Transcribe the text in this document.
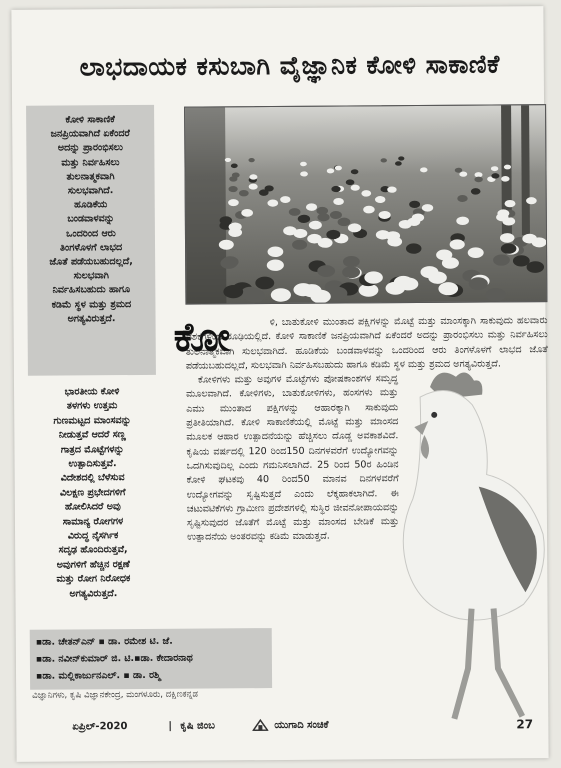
ಲಾಭದಾಯಕ ಕಸುಬಾಗಿ ವೈಜ್ಞಾನಿಕ ಕೋಳಿ ಸಾಕಾಣಿಕೆ
ಕೋಳಿ ಸಾಕಾಣಿಕೆ
ಜನಪ್ರಿಯವಾಗಿದೆ ಏಕೆಂದರೆ
ಅದನ್ನು ಪ್ರಾರಂಭಿಸಲು
ಮತ್ತು ನಿರ್ವಹಿಸಲು
ತುಲನಾತ್ಮಕವಾಗಿ
ಸುಲಭವಾಗಿದೆ.
ಹೂಡಿಕೆಯ
ಬಂಡವಾಳವನ್ನು
ಒಂದರಿಂದ ಆರು
ತಿಂಗಳೊಳಗೆ ಲಾಭದ
ಜೊತೆ ಪಡೆಯಬಹುದಲ್ಲದೆ,
ಸುಲಭವಾಗಿ
ನಿರ್ವಹಿಸಬಹುದು ಹಾಗೂ
ಕಡಿಮೆ ಸ್ಥಳ ಮತ್ತು ಶ್ರಮದ
ಅಗತ್ಯವಿರುತ್ತದೆ.
ಭಾರತೀಯ ಕೋಳಿ
ತಳಗಳು ಉತ್ತಮ
ಗುಣಮಟ್ಟದ ಮಾಂಸವನ್ನು
ನೀಡುತ್ತವೆ ಆದರೆ ಸಣ್ಣ
ಗಾತ್ರದ ಮೊಟ್ಟೆಗಳನ್ನು
ಉತ್ಪಾದಿಸುತ್ತವೆ.
ವಿದೇಶದಲ್ಲಿ ಬೆಳೆಸುವ
ವಿಲಕ್ಷಣ ಪ್ರಭೇದಗಳಿಗೆ
ಹೋಲಿಸಿದರೆ ಅವು
ಸಾಮಾನ್ಯ ರೋಗಗಳ
ವಿರುದ್ಧ ನೈಸರ್ಗಿಕ
ಸದೃಢ ಹೊಂದಿರುತ್ತವೆ,
ಅವುಗಳಿಗೆ ಹೆಚ್ಚಿನ ರಕ್ಷಣೆ
ಮತ್ತು ರೋಗ ನಿರೋಧಕ
ಅಗತ್ಯವಿರುತ್ತದೆ.
ಕೋ	ಳಿ, ಬಾತುಕೋಳಿ ಮುಂತಾದ ಪಕ್ಷಿಗಳನ್ನು ಮೊಟ್ಟೆ ಮತ್ತು ಮಾಂಸಕ್ಕಾಗಿ ಸಾಕುವುದು ಹಲವಾರು ದಶಕಗಳಿಂದ ರೂಢಿಯಲ್ಲಿದೆ. ಕೋಳಿ ಸಾಕಾಣಿಕೆ ಜನಪ್ರಿಯವಾಗಿದೆ ಏಕೆಂದರೆ ಅದನ್ನು ಪ್ರಾರಂಭಿಸಲು ಮತ್ತು ನಿರ್ವಹಿಸಲು ತುಲನಾತ್ಮಕವಾಗಿ ಸುಲಭವಾಗಿದೆ. ಹೂಡಿಕೆಯ ಬಂಡವಾಳವನ್ನು ಒಂದರಿಂದ ಆರು ತಿಂಗಳೊಳಗೆ ಲಾಭದ ಜೊತೆ ಪಡೆಯಬಹುದಲ್ಲದೆ, ಸುಲಭವಾಗಿ ನಿರ್ವಹಿಸಬಹುದು ಹಾಗೂ ಕಡಿಮೆ ಸ್ಥಳ ಮತ್ತು ಶ್ರಮದ ಅಗತ್ಯವಿರುತ್ತದೆ.
ಕೋಳಿಗಳು ಮತ್ತು ಅವುಗಳ ಮೊಟ್ಟೆಗಳು ಪೋಷಕಾಂಶಗಳ ಸಮೃದ್ಧ ಮೂಲವಾಗಿದೆ. ಕೋಳಿಗಳು, ಬಾತುಕೋಳಿಗಳು, ಹಂಸಗಳು ಮತ್ತು ಎಮು ಮುಂತಾದ ಪಕ್ಷಿಗಳನ್ನು ಆಹಾರಕ್ಕಾಗಿ ಸಾಕುವುದು ಪ್ರತೀತಿಯಾಗಿದೆ. ಕೋಳಿ ಸಾಕಾಣಿಕೆಯಲ್ಲಿ ಮೊಟ್ಟೆ ಮತ್ತು ಮಾಂಸದ ಮೂಲಕ ಆಹಾರ ಉತ್ಪಾದನೆಯನ್ನು ಹೆಚ್ಚಿಸಲು ದೊಡ್ಡ ಅವಕಾಶವಿದೆ. ಕೃಷಿಯ ವರ್ಷದಲ್ಲಿ 120 ರಿಂದ150 ದಿನಗಳವರೆಗೆ ಉದ್ಯೋಗವನ್ನು ಒದಗಿಸುವುದಿಲ್ಲ ಎಂದು ಗಮನಿಸಲಾಗಿದೆ. 25 ರಿಂದ 50ರ ಹಿಂಡಿನ ಕೋಳಿ ಘಟಕವು 40 ರಿಂದ50 ಮಾನವ ದಿನಗಳವರೆಗೆ ಉದ್ಯೋಗವನ್ನು ಸೃಷ್ಟಿಸುತ್ತದೆ ಎಂದು ಲೆಕ್ಕಹಾಕಲಾಗಿದೆ. ಈ ಚಟುವಟಿಕೆಗಳು ಗ್ರಾಮೀಣ ಪ್ರದೇಶಗಳಲ್ಲಿ ಸುಸ್ಥಿರ ಜೀವನೋಪಾಯವನ್ನು ಸೃಷ್ಟಿಸುವುದರ ಜೊತೆಗೆ ಮೊಟ್ಟೆ ಮತ್ತು ಮಾಂಸದ ಬೇಡಿಕೆ ಮತ್ತು ಉತ್ಪಾದನೆಯ ಅಂತರವನ್ನು ಕಡಿಮೆ ಮಾಡುತ್ತದೆ.
▪ಡಾ. ಚೇತನ್‌ಎನ್ ▪ ಡಾ. ರಮೇಶ ಟಿ. ಜೆ.
▪ಡಾ. ನವೀನ್‌ಕುಮಾರ್ ಜಿ. ಟಿ.▪ಡಾ. ಕೇದಾರನಾಥ
▪ಡಾ. ಮಲ್ಲಿಕಾರ್ಜುನ‌ಎಲ್. ▪ ಡಾ. ರಶ್ಮಿ
ವಿಜ್ಞಾನಿಗಳು, ಕೃಷಿ ವಿಜ್ಞಾನಕೇಂದ್ರ, ಮಂಗಳೂರು, ದಕ್ಷಿಣಕನ್ನಡ
ಏಪ್ರಿಲ್-2020	| ಕೃಷಿ ಜಿಂಬ	ಯುಗಾದಿ ಸಂಚಿಕೆ	27
